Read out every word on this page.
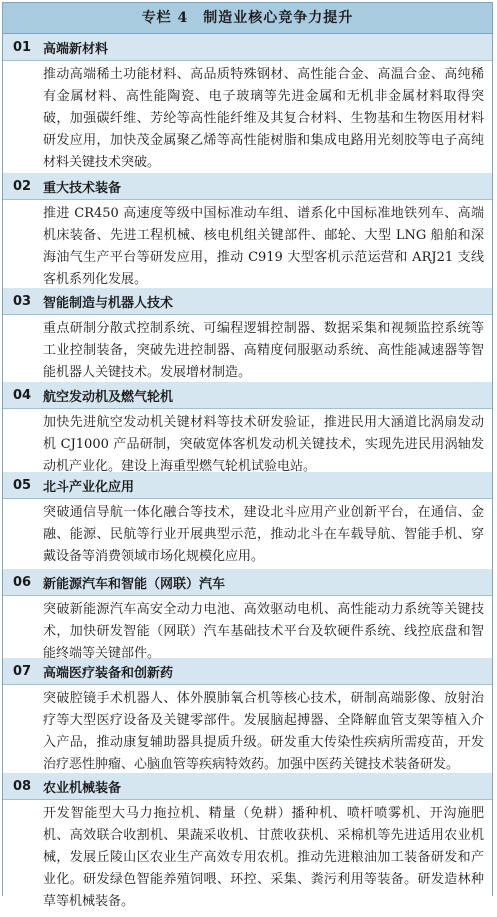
专栏 4　制造业核心竞争力提升
01 高端新材料
推动高端稀土功能材料、高品质特殊钢材、高性能合金、高温合金、高纯稀有金属材料、高性能陶瓷、电子玻璃等先进金属和无机非金属材料取得突破，加强碳纤维、芳纶等高性能纤维及其复合材料、生物基和生物医用材料研发应用，加快茂金属聚乙烯等高性能树脂和集成电路用光刻胶等电子高纯材料关键技术突破。
02 重大技术装备
推进 CR450 高速度等级中国标准动车组、谱系化中国标准地铁列车、高端机床装备、先进工程机械、核电机组关键部件、邮轮、大型 LNG 船舶和深海油气生产平台等研发应用，推动 C919 大型客机示范运营和 ARJ21 支线客机系列化发展。
03 智能制造与机器人技术
重点研制分散式控制系统、可编程逻辑控制器、数据采集和视频监控系统等工业控制装备，突破先进控制器、高精度伺服驱动系统、高性能减速器等智能机器人关键技术。发展增材制造。
04 航空发动机及燃气轮机
加快先进航空发动机关键材料等技术研发验证，推进民用大涵道比涡扇发动机 CJ1000 产品研制，突破宽体客机发动机关键技术，实现先进民用涡轴发动机产业化。建设上海重型燃气轮机试验电站。
05 北斗产业化应用
突破通信导航一体化融合等技术，建设北斗应用产业创新平台，在通信、金融、能源、民航等行业开展典型示范，推动北斗在车载导航、智能手机、穿戴设备等消费领域市场化规模化应用。
06 新能源汽车和智能（网联）汽车
突破新能源汽车高安全动力电池、高效驱动电机、高性能动力系统等关键技术，加快研发智能（网联）汽车基础技术平台及软硬件系统、线控底盘和智能终端等关键部件。
07 高端医疗装备和创新药
突破腔镜手术机器人、体外膜肺氧合机等核心技术，研制高端影像、放射治疗等大型医疗设备及关键零部件。发展脑起搏器、全降解血管支架等植入介入产品，推动康复辅助器具提质升级。研发重大传染性疾病所需疫苗，开发治疗恶性肿瘤、心脑血管等疾病特效药。加强中医药关键技术装备研发。
08 农业机械装备
开发智能型大马力拖拉机、精量（免耕）播种机、喷杆喷雾机、开沟施肥机、高效联合收割机、果蔬采收机、甘蔗收获机、采棉机等先进适用农业机械，发展丘陵山区农业生产高效专用农机。推动先进粮油加工装备研发和产业化。研发绿色智能养殖饲喂、环控、采集、粪污利用等装备。研发造林种草等机械装备。
